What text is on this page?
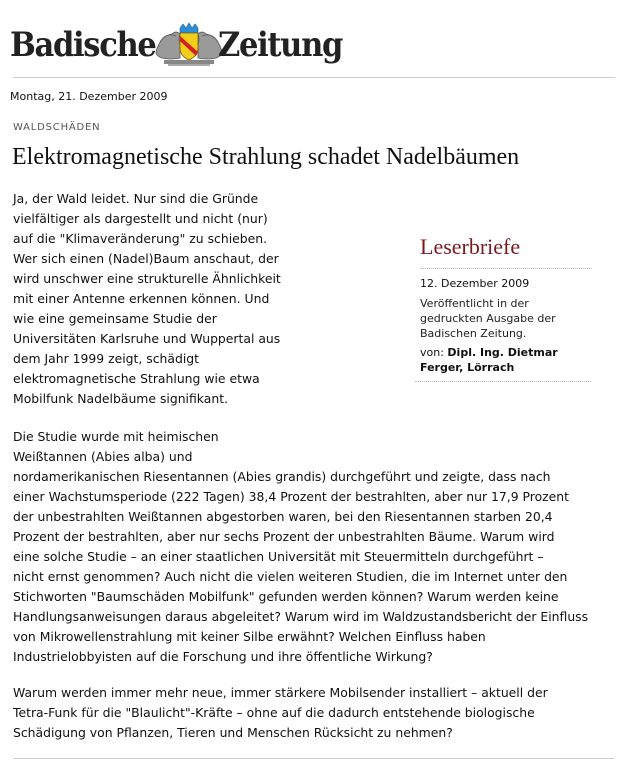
Badische Zeitung
Montag, 21. Dezember 2009
WALDSCHÄDEN
Elektromagnetische Strahlung schadet Nadelbäumen
Ja, der Wald leidet. Nur sind die Gründe
vielfältiger als dargestellt und nicht (nur)
auf die "Klimaveränderung" zu schieben.
Wer sich einen (Nadel)Baum anschaut, der
wird unschwer eine strukturelle Ähnlichkeit
mit einer Antenne erkennen können. Und
wie eine gemeinsame Studie der
Universitäten Karlsruhe und Wuppertal aus
dem Jahr 1999 zeigt, schädigt
elektromagnetische Strahlung wie etwa
Mobilfunk Nadelbäume signifikant.
Leserbriefe
12. Dezember 2009
Veröffentlicht in der gedruckten Ausgabe der Badischen Zeitung.
von: Dipl. Ing. Dietmar Ferger, Lörrach
Die Studie wurde mit heimischen
Weißtannen (Abies alba) und
nordamerikanischen Riesentannen (Abies grandis) durchgeführt und zeigte, dass nach
einer Wachstumsperiode (222 Tagen) 38,4 Prozent der bestrahlten, aber nur 17,9 Prozent
der unbestrahlten Weißtannen abgestorben waren, bei den Riesentannen starben 20,4
Prozent der bestrahlten, aber nur sechs Prozent der unbestrahlten Bäume. Warum wird
eine solche Studie – an einer staatlichen Universität mit Steuermitteln durchgeführt –
nicht ernst genommen? Auch nicht die vielen weiteren Studien, die im Internet unter den
Stichworten "Baumschäden Mobilfunk" gefunden werden können? Warum werden keine
Handlungsanweisungen daraus abgeleitet? Warum wird im Waldzustandsbericht der Einfluss
von Mikrowellenstrahlung mit keiner Silbe erwähnt? Welchen Einfluss haben
Industrielobbyisten auf die Forschung und ihre öffentliche Wirkung?
Warum werden immer mehr neue, immer stärkere Mobilsender installiert – aktuell der
Tetra-Funk für die "Blaulicht"-Kräfte – ohne auf die dadurch entstehende biologische
Schädigung von Pflanzen, Tieren und Menschen Rücksicht zu nehmen?
